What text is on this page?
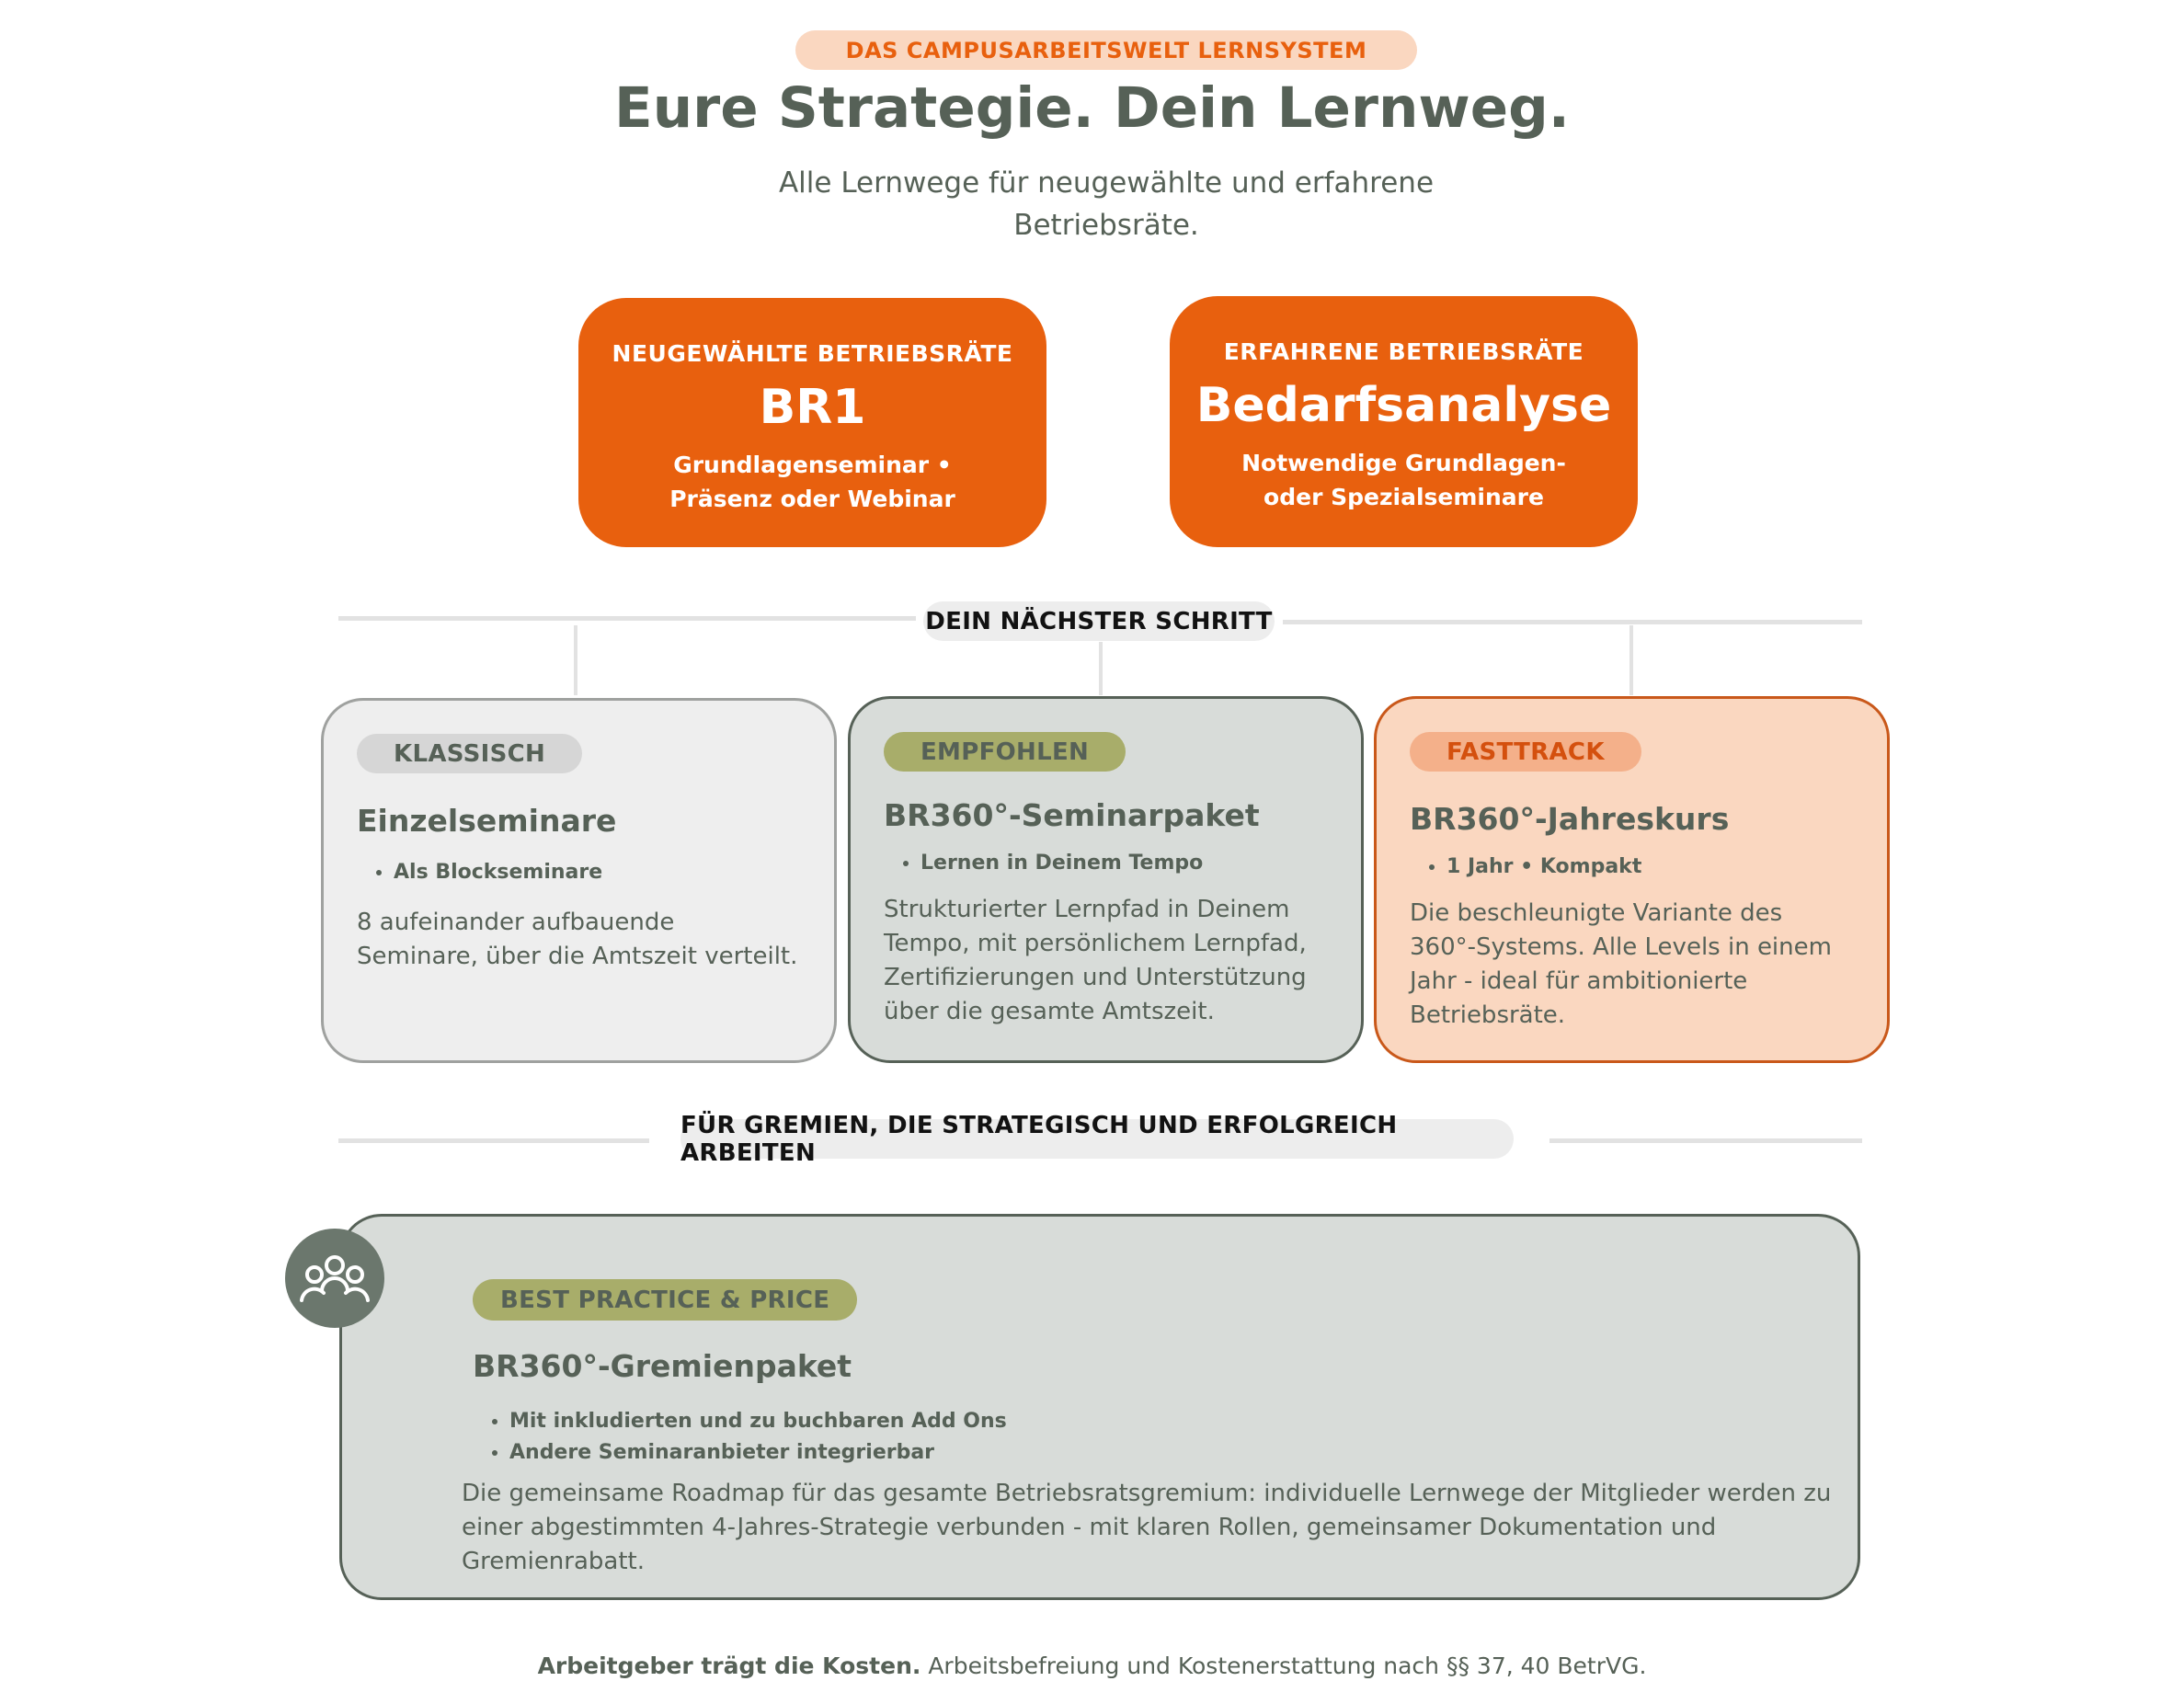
DAS CAMPUSARBEITSWELT LERNSYSTEM
Eure Strategie. Dein Lernweg.

Alle Lernwege für neugewählte und erfahrene Betriebsräte.

NEUGEWÄHLTE BETRIEBSRÄTE
BR1
Grundlagenseminar • Präsenz oder Webinar
ERFAHRENE BETRIEBSRÄTE
Bedarfsanalyse
Notwendige Grundlagen- oder Spezialseminare
DEIN NÄCHSTER SCHRITT
KLASSISCH
Einzelseminare
• Als Blockseminare
8 aufeinander aufbauende Seminare, über die Amtszeit verteilt.
EMPFOHLEN
BR360°-Seminarpaket
• Lernen in Deinem Tempo
Strukturierter Lernpfad in Deinem Tempo, mit persönlichem Lernpfad, Zertifizierungen und Unterstützung über die gesamte Amtszeit.
FASTTRACK
BR360°-Jahreskurs
• 1 Jahr • Kompakt
Die beschleunigte Variante des 360°-Systems. Alle Levels in einem Jahr - ideal für ambitionierte Betriebsräte.
FÜR GREMIEN, DIE STRATEGISCH UND ERFOLGREICH ARBEITEN
BEST PRACTICE & PRICE
BR360°-Gremienpaket
• Mit inkludierten und zu buchbaren Add Ons
• Andere Seminaranbieter integrierbar
Die gemeinsame Roadmap für das gesamte Betriebsratsgremium: individuelle Lernwege der Mitglieder werden zu einer abgestimmten 4-Jahres-Strategie verbunden - mit klaren Rollen, gemeinsamer Dokumentation und Gremienrabatt.

Arbeitgeber trägt die Kosten. Arbeitsbefreiung und Kostenerstattung nach §§ 37, 40 BetrVG.
